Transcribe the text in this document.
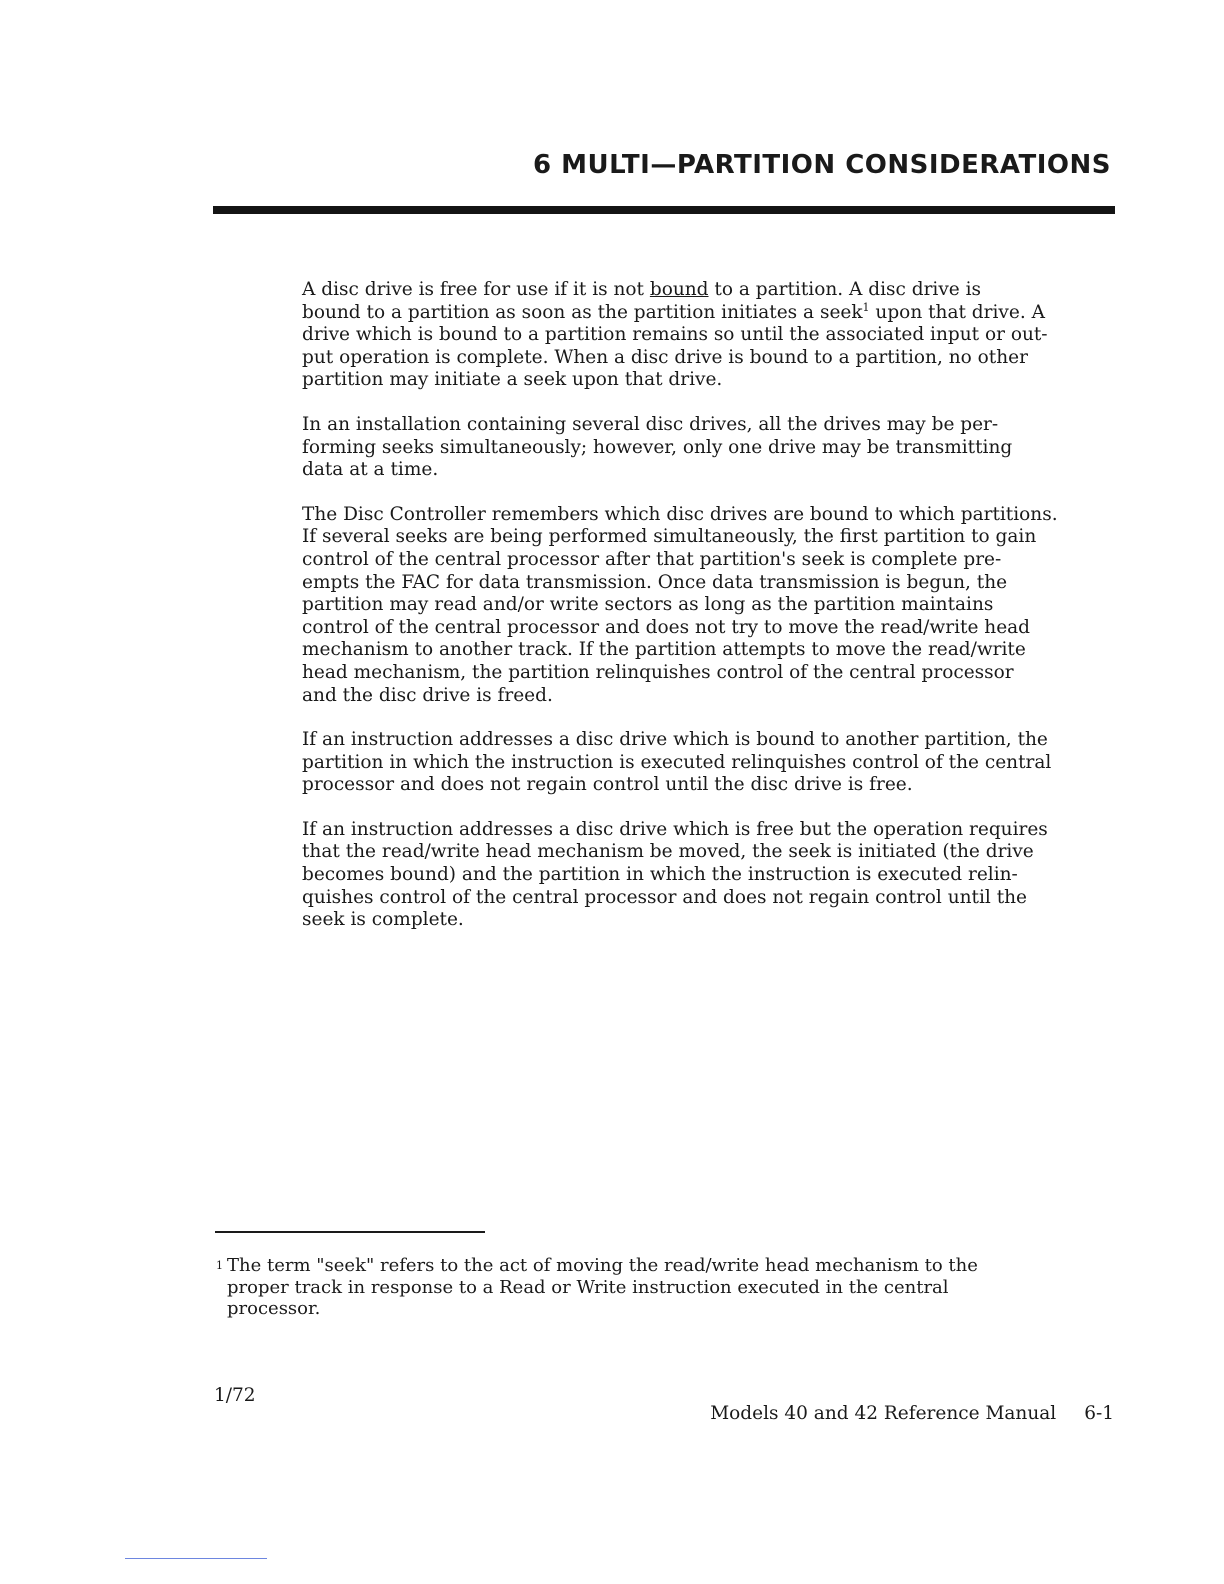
6 MULTI—PARTITION CONSIDERATIONS

A disc drive is free for use if it is not bound to a partition. A disc drive is
bound to a partition as soon as the partition initiates a seek$^1$ upon that drive. A
drive which is bound to a partition remains so until the associated input or out-
put operation is complete. When a disc drive is bound to a partition, no other
partition may initiate a seek upon that drive.

In an installation containing several disc drives, all the drives may be per-
forming seeks simultaneously; however, only one drive may be transmitting
data at a time.

The Disc Controller remembers which disc drives are bound to which partitions.
If several seeks are being performed simultaneously, the first partition to gain
control of the central processor after that partition's seek is complete pre-
empts the FAC for data transmission. Once data transmission is begun, the
partition may read and/or write sectors as long as the partition maintains
control of the central processor and does not try to move the read/write head
mechanism to another track. If the partition attempts to move the read/write
head mechanism, the partition relinquishes control of the central processor
and the disc drive is freed.

If an instruction addresses a disc drive which is bound to another partition, the
partition in which the instruction is executed relinquishes control of the central
processor and does not regain control until the disc drive is free.

If an instruction addresses a disc drive which is free but the operation requires
that the read/write head mechanism be moved, the seek is initiated (the drive
becomes bound) and the partition in which the instruction is executed relin-
quishes control of the central processor and does not regain control until the
seek is complete.

1 The term "seek" refers to the act of moving the read/write head mechanism to the
proper track in response to a Read or Write instruction executed in the central
processor.
1/72
Models 40 and 42 Reference Manual 6-1
